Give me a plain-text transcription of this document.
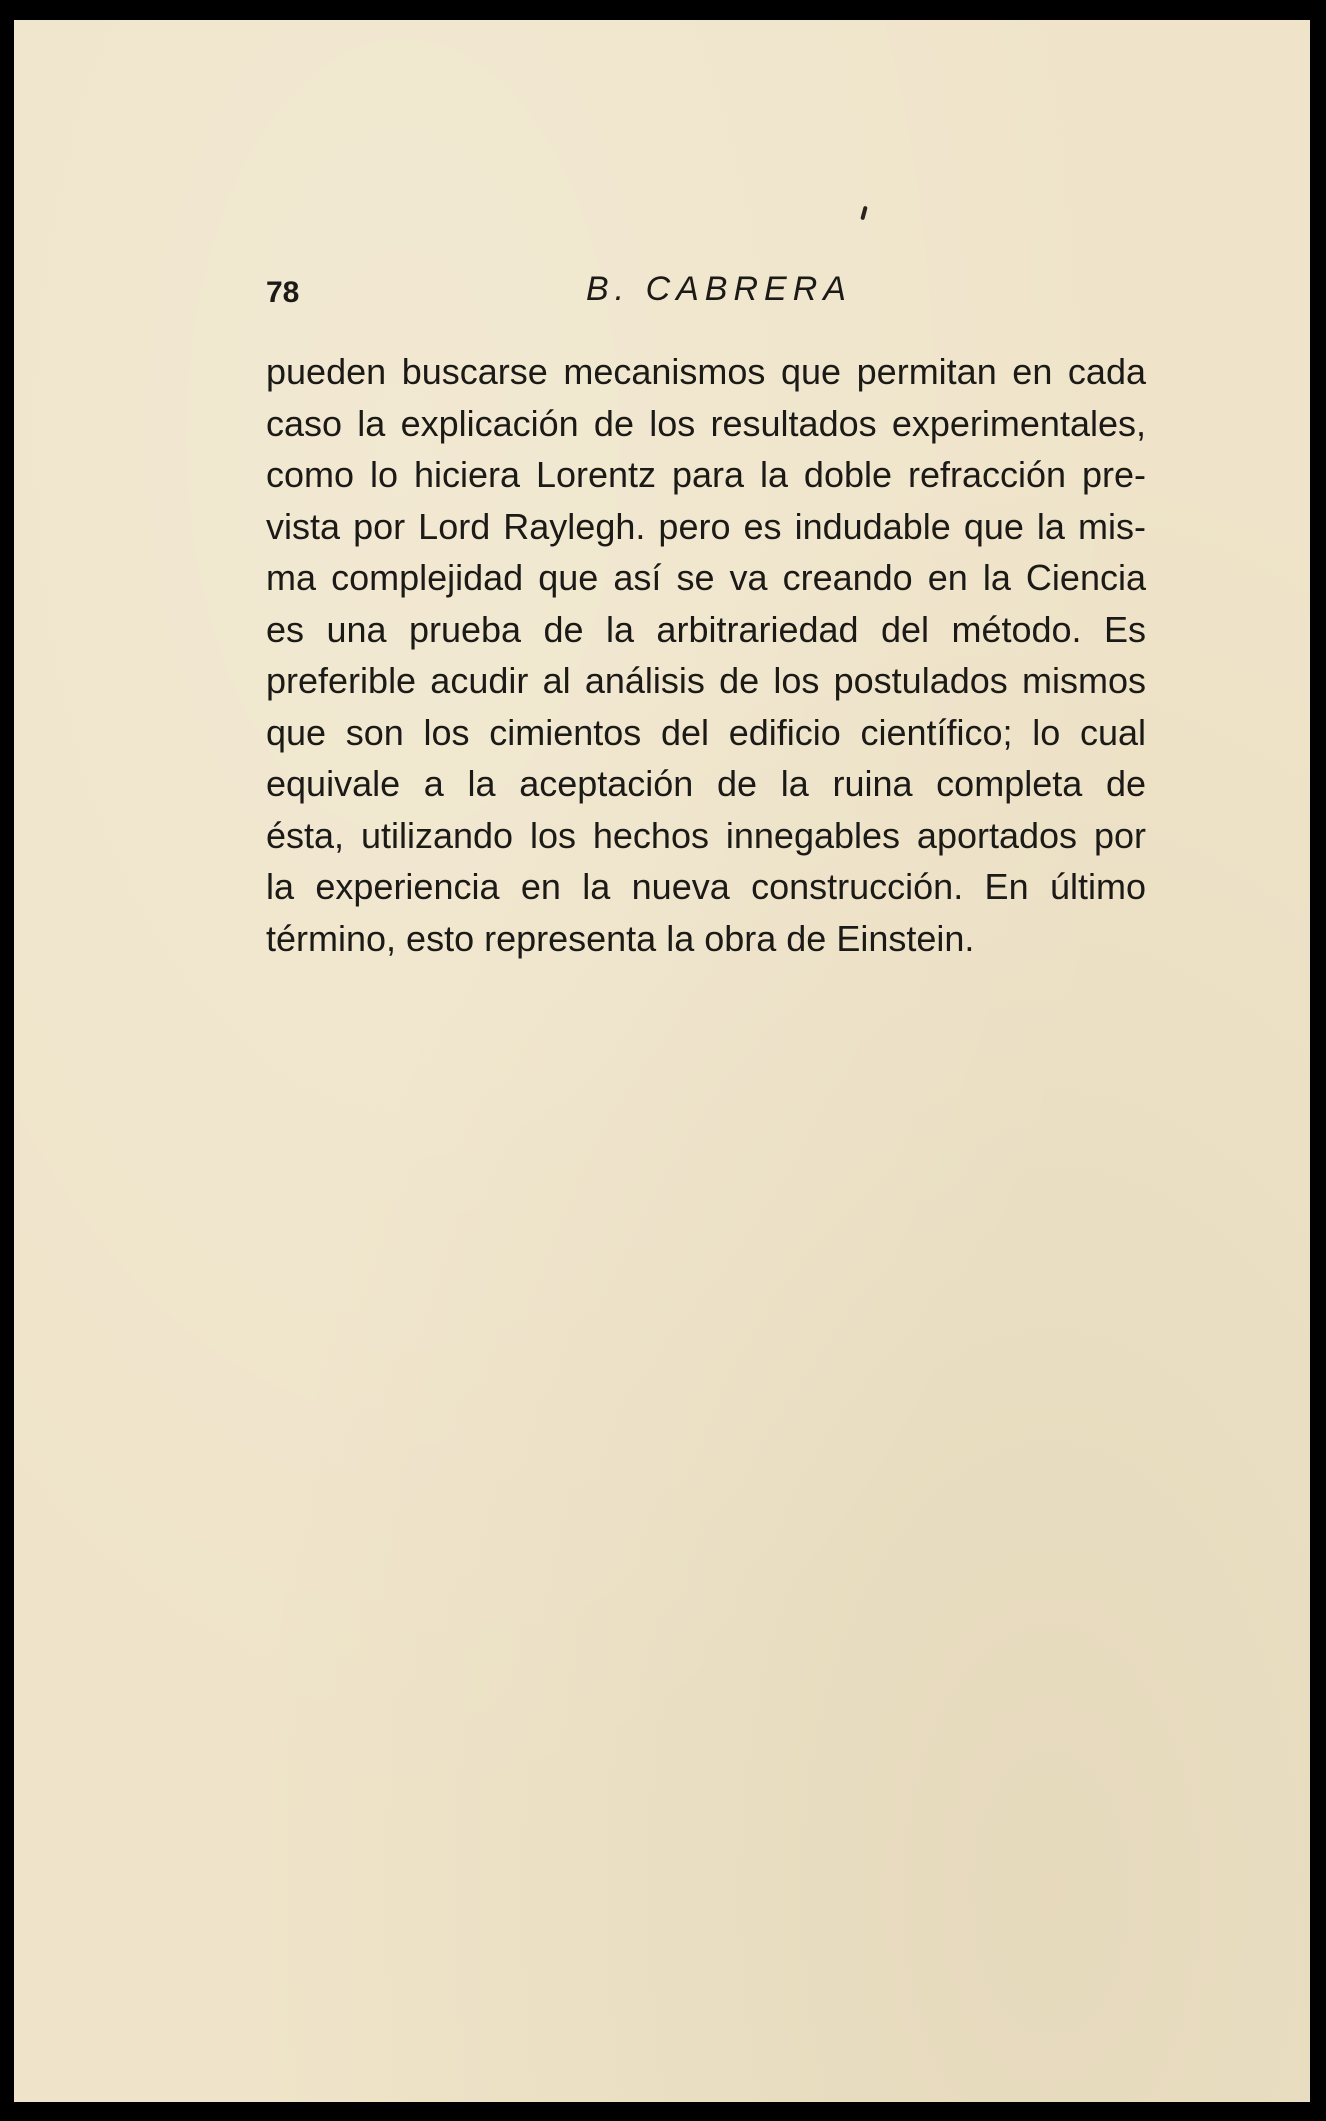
78	B. CABRERA

pueden buscarse mecanismos que permitan en cada
caso la explicación de los resultados experimentales,
como lo hiciera Lorentz para la doble refracción pre-
vista por Lord Raylegh. pero es indudable que la mis-
ma complejidad que así se va creando en la Ciencia
es una prueba de la arbitrariedad del método. Es
preferible acudir al análisis de los postulados mismos
que son los cimientos del edificio científico; lo cual
equivale a la aceptación de la ruina completa de
ésta, utilizando los hechos innegables aportados por
la experiencia en la nueva construcción. En último
término, esto representa la obra de Einstein.
